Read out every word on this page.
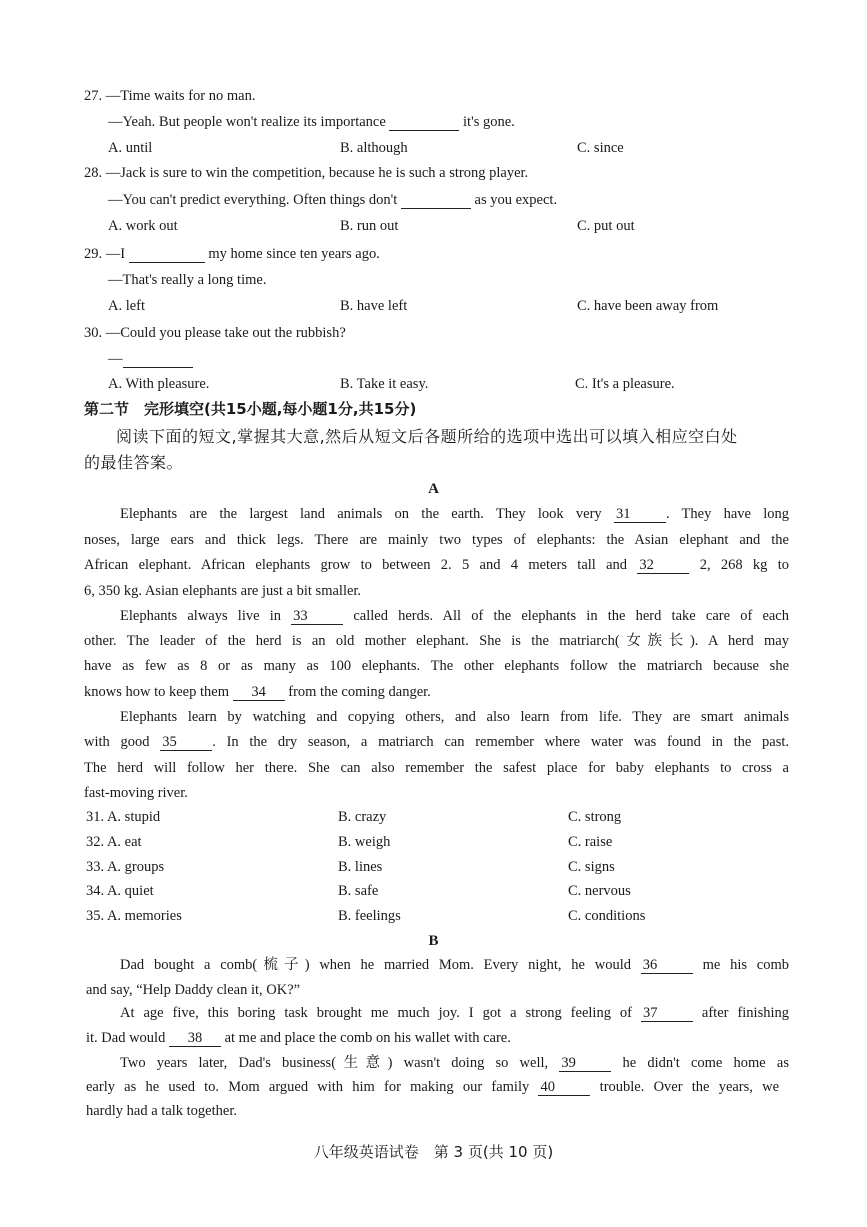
27. —Time waits for no man.
—Yeah. But people won't realize its importance	it's gone.
A. until	B. although	C. since
28. —Jack is sure to win the competition, because he is such a strong player.
—You can't predict everything. Often things don't	as you expect.
A. work out	B. run out	C. put out
29. —I	my home since ten years ago.
—That's really a long time.
A. left	B. have left	C. have been away from
30. —Could you please take out the rubbish?
—
A. With pleasure.	B. Take it easy.	C. It's a pleasure.
第二节　完形填空(共15小题,每小题1分,共15分)
阅读下面的短文,掌握其大意,然后从短文后各题所给的选项中选出可以填入相应空白处
的最佳答案。
A
Elephants are the largest land animals on the earth. They look very 31 . They have long
noses, large ears and thick legs. There are mainly two types of elephants: the Asian elephant and the
African elephant. African elephants grow to between 2. 5 and 4 meters tall and 32	2, 268 kg to
6, 350 kg. Asian elephants are just a bit smaller.
Elephants always live in 33	called herds. All of the elephants in the herd take care of each
other. The leader of the herd is an old mother elephant. She is the matriarch(女族长). A herd may
have as few as 8 or as many as 100 elephants. The other elephants follow the matriarch because she
knows how to keep them 34 from the coming danger.
Elephants learn by watching and copying others, and also learn from life. They are smart animals
with good 35 . In the dry season, a matriarch can remember where water was found in the past.
The herd will follow her there. She can also remember the safest place for baby elephants to cross a
fast-moving river.
31. A. stupid	B. crazy	C. strong
32. A. eat	B. weigh	C. raise
33. A. groups	B. lines	C. signs
34. A. quiet	B. safe	C. nervous
35. A. memories	B. feelings	C. conditions
B
Dad bought a comb(梳子) when he married Mom. Every night, he would 36	me his comb
and say, “Help Daddy clean it, OK?”
At age five, this boring task brought me much joy. I got a strong feeling of 37	after finishing
it. Dad would 38 at me and place the comb on his wallet with care.
Two years later, Dad's business(生意) wasn't doing so well, 39	he didn't come home as
early as he used to. Mom argued with him for making our family 40	trouble. Over the years, we
hardly had a talk together.
八年级英语试卷　第 3 页(共 10 页)
